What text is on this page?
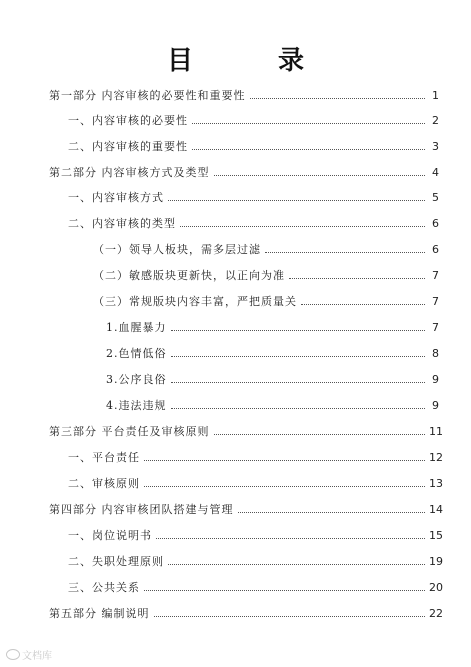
目 录
第一部分 内容审核的必要性和重要性	1
一、内容审核的必要性	2
二、内容审核的重要性	3
第二部分 内容审核方式及类型	4
一、内容审核方式	5
二、内容审核的类型	6
（一）领导人板块，需多层过滤	6
（二）敏感版块更新快，以正向为准	7
（三）常规版块内容丰富，严把质量关	7
1.血腥暴力	7
2.色情低俗	8
3.公序良俗	9
4.违法违规	9
第三部分 平台责任及审核原则	11
一、平台责任	12
二、审核原则	13
第四部分 内容审核团队搭建与管理	14
一、岗位说明书	15
二、失职处理原则	19
三、公共关系	20
第五部分 编制说明	22
文档库
